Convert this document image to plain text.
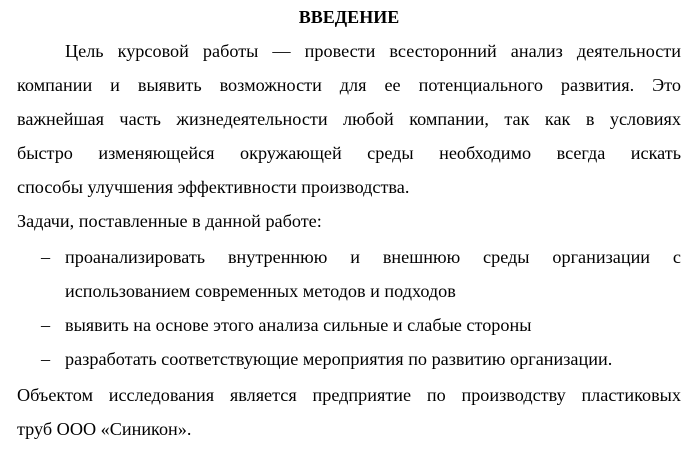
ВВЕДЕНИЕ

Цель курсовой работы — провести всесторонний анализ деятельности

компании и выявить возможности для ее потенциального развития. Это

важнейшая часть жизнедеятельности любой компании, так как в условиях

быстро изменяющейся окружающей среды необходимо всегда искать

способы улучшения эффективности производства.

Задачи, поставленные в данной работе:

– проанализировать внутреннюю и внешнюю среды организации с

использованием современных методов и подходов

– выявить на основе этого анализа сильные и слабые стороны

– разработать соответствующие мероприятия по развитию организации.

Объектом исследования является предприятие по производству пластиковых

труб ООО «Синикон».
